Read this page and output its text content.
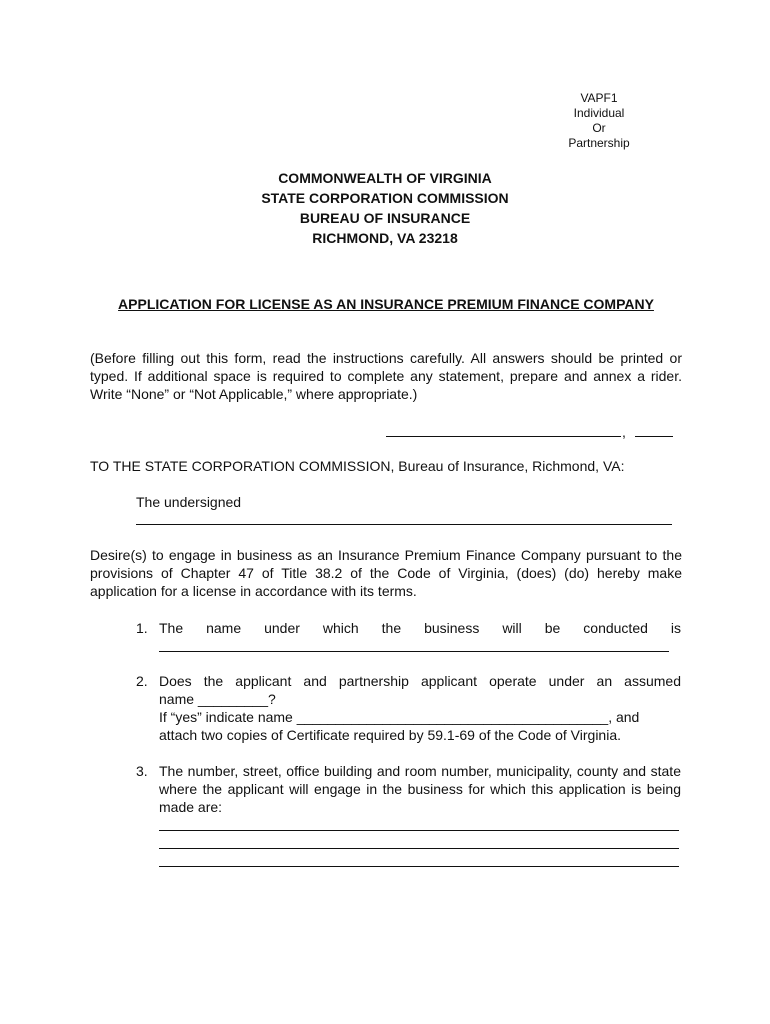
VAPF1
Individual
Or
Partnership
COMMONWEALTH OF VIRGINIA
STATE CORPORATION COMMISSION
BUREAU OF INSURANCE
RICHMOND, VA 23218
APPLICATION FOR LICENSE AS AN INSURANCE PREMIUM FINANCE COMPANY
(Before filling out this form, read the instructions carefully. All answers should be printed or typed. If additional space is required to complete any statement, prepare and annex a rider. Write “None” or “Not Applicable,” where appropriate.)
,
TO THE STATE CORPORATION COMMISSION, Bureau of Insurance, Richmond, VA:
The undersigned
Desire(s) to engage in business as an Insurance Premium Finance Company pursuant to the provisions of Chapter 47 of Title 38.2 of the Code of Virginia, (does) (do) hereby make application for a license in accordance with its terms.
1. The name under which the business will be conducted is
2. Does the applicant and partnership applicant operate under an assumed
name _________?
If “yes” indicate name ________________________________________, and
attach two copies of Certificate required by 59.1-69 of the Code of Virginia.
3. The number, street, office building and room number, municipality, county and state where the applicant will engage in the business for which this application is being made are:
